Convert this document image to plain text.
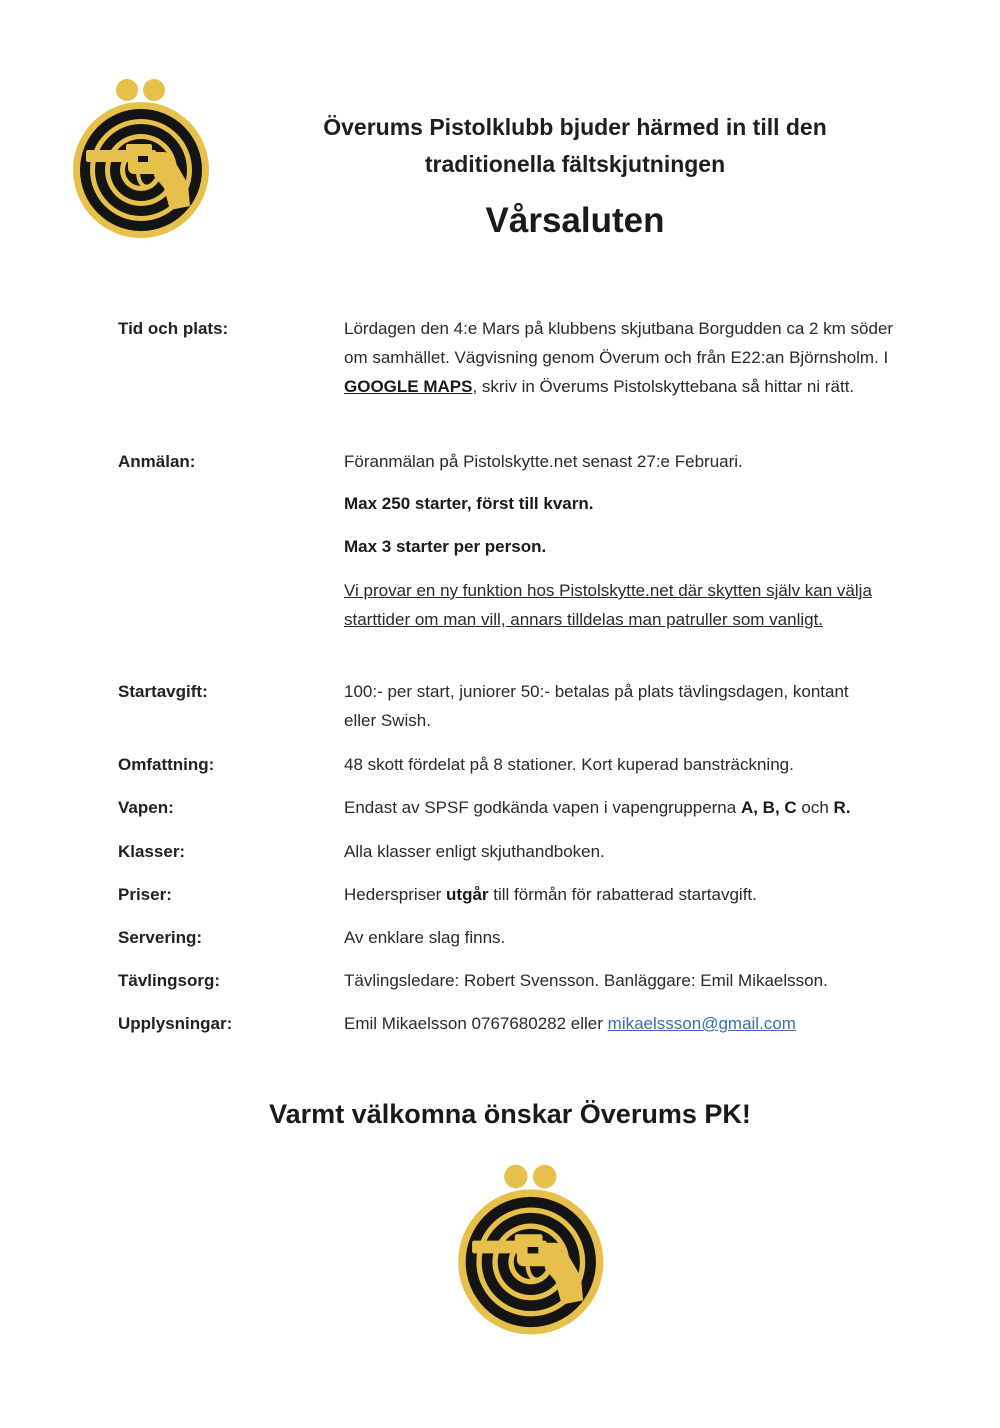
Överums Pistolklubb bjuder härmed in till den
traditionella fältskjutningen
Vårsaluten
Tid och plats:	Lördagen den 4:e Mars på klubbens skjutbana Borgudden ca 2 km söder om samhället. Vägvisning genom Överum och från E22:an Björnsholm. I GOOGLE MAPS, skriv in Överums Pistolskyttebana så hittar ni rätt.
Anmälan:	Föranmälan på Pistolskytte.net senast 27:e Februari.
Max 250 starter, först till kvarn.
Max 3 starter per person.
Vi provar en ny funktion hos Pistolskytte.net där skytten själv kan välja starttider om man vill, annars tilldelas man patruller som vanligt.
Startavgift:	100:- per start, juniorer 50:- betalas på plats tävlingsdagen, kontant eller Swish.
Omfattning:	48 skott fördelat på 8 stationer. Kort kuperad bansträckning.
Vapen:	Endast av SPSF godkända vapen i vapengrupperna A, B, C och R.
Klasser:	Alla klasser enligt skjuthandboken.
Priser:	Hederspriser utgår till förmån för rabatterad startavgift.
Servering:	Av enklare slag finns.
Tävlingsorg:	Tävlingsledare: Robert Svensson. Banläggare: Emil Mikaelsson.
Upplysningar:	Emil Mikaelsson 0767680282 eller mikaelssson@gmail.com
Varmt välkomna önskar Överums PK!
